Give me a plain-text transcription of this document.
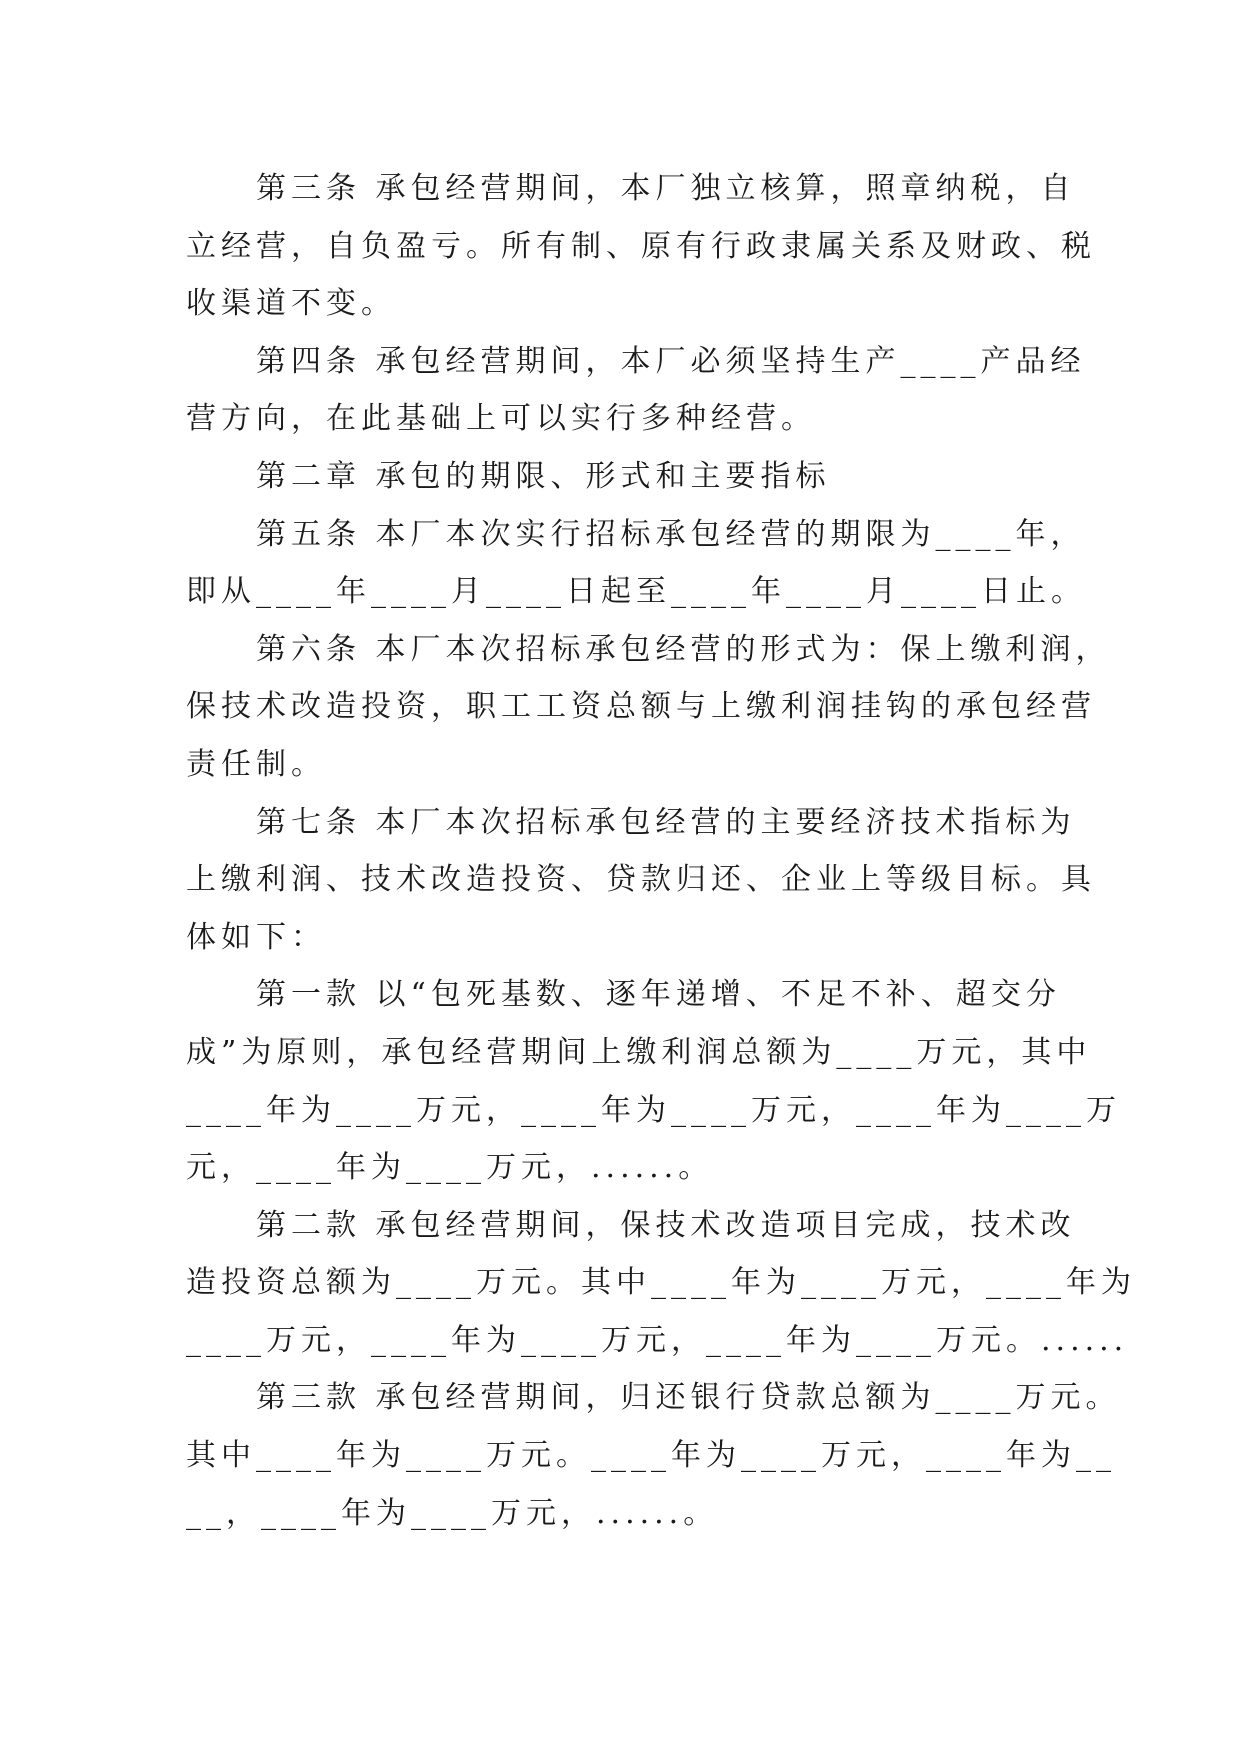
第三条 承包经营期间，本厂独立核算，照章纳税，自
立经营，自负盈亏。所有制、原有行政隶属关系及财政、税
收渠道不变。
第四条 承包经营期间，本厂必须坚持生产____产品经
营方向，在此基础上可以实行多种经营。
第二章 承包的期限、形式和主要指标
第五条 本厂本次实行招标承包经营的期限为____年，
即从____年____月____日起至____年____月____日止。
第六条 本厂本次招标承包经营的形式为：保上缴利润，
保技术改造投资，职工工资总额与上缴利润挂钩的承包经营
责任制。
第七条 本厂本次招标承包经营的主要经济技术指标为
上缴利润、技术改造投资、贷款归还、企业上等级目标。具
体如下：
第一款 以“包死基数、逐年递增、不足不补、超交分
成”为原则，承包经营期间上缴利润总额为____万元，其中
____年为____万元，____年为____万元，____年为____万
元，____年为____万元，......。
第二款 承包经营期间，保技术改造项目完成，技术改
造投资总额为____万元。其中____年为____万元，____年为
____万元，____年为____万元，____年为____万元。......
第三款 承包经营期间，归还银行贷款总额为____万元。
其中____年为____万元。____年为____万元，____年为__
__，____年为____万元，......。
